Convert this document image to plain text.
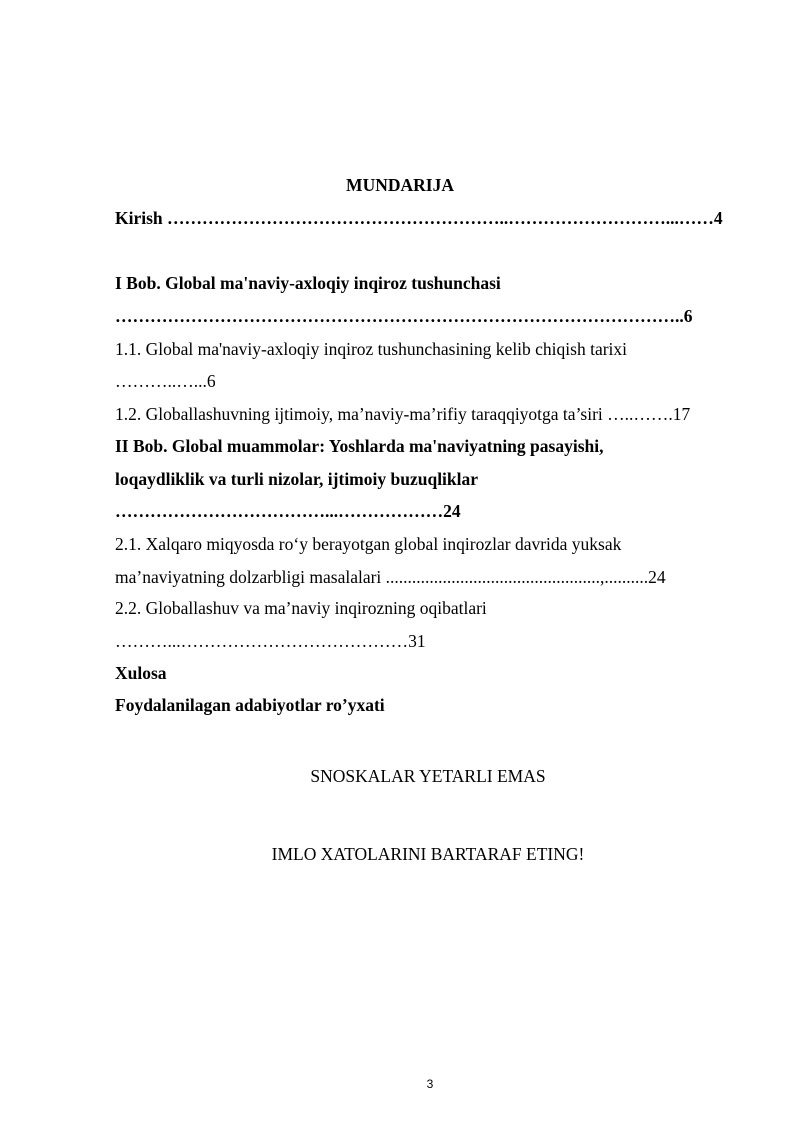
MUNDARIJA
Kirish …………………………………………………..………………………...……4
I Bob. Global ma'naviy-axloqiy inqiroz tushunchasi
……………………………………………………………………………………..6
1.1. Global ma'naviy-axloqiy inqiroz tushunchasining kelib chiqish tarixi
………..…...6
1.2. Globallashuvning ijtimoiy, ma’naviy-ma’rifiy taraqqiyotga ta’siri …..…….17
II Bob. Global muammolar: Yoshlarda ma'naviyatning pasayishi,
loqaydliklik va turli nizolar, ijtimoiy buzuqliklar
………………………………...………………24
2.1. Xalqaro miqyosda ro‘y berayotgan global inqirozlar davrida yuksak
ma’naviyatning dolzarbligi masalalari .................................................,..........24
2.2. Globallashuv va ma’naviy inqirozning oqibatlari
………...…………………………………31
Xulosa
Foydalanilagan adabiyotlar ro’yxati
SNOSKALAR YETARLI EMAS
IMLO XATOLARINI BARTARAF ETING!
3
